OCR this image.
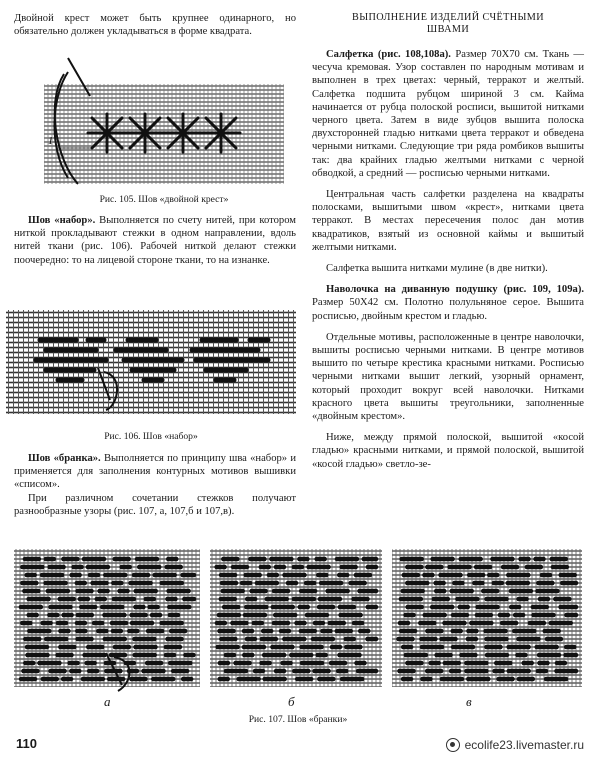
Двойной крест может быть крупнее одинарного, но обязательно должен укладываться в форме квадрата.

1
Рис. 105. Шов «двойной крест»

Шов «набор». Выполняется по счету нитей, при котором ниткой прокладывают стежки в одном направлении, вдоль нитей ткани (рис. 106). Рабочей ниткой делают стежки поочередно: то на лицевой стороне ткани, то на изнанке.

Рис. 106. Шов «набор»

Шов «бранка». Выполняется по принципу шва «набор» и применяется для заполнения контурных мотивов вышивки «списом».

При различном сочетании стежков получают разнообразные узоры (рис. 107, а, 107,б и 107,в).

ВЫПОЛНЕНИЕ ИЗДЕЛИЙ СЧЁТНЫМИ
ШВАМИ

Салфетка (рис. 108,108а). Размер 70Х70 см. Ткань — чесуча кремовая. Узор составлен по народным мотивам и выполнен в трех цветах: черный, терракот и желтый. Салфетка подшита рубцом шириной 3 см. Кайма начинается от рубца полоской росписи, вышитой нитками черного цвета. Затем в виде зубцов вышита полоска двухсторонней гладью нитками цвета терракот и обведена черными нитками. Следующие три ряда ромбиков вышиты так: два крайних гладью желтыми нитками с черной обводкой, а средний — росписью черными нитками.

Центральная часть салфетки разделена на квадраты полосками, вышитыми швом «крест», нитками цвета терракот. В местах пересечения полос дан мотив квадратиков, взятый из основной каймы и вышитый желтыми нитками.

Салфетка вышита нитками мулине (в две нитки).

Наволочка на диванную подушку (рис. 109, 109а). Размер 50Х42 см. Полотно полульняное серое. Вышита росписью, двойным крестом и гладью.

Отдельные мотивы, расположенные в центре наволочки, вышиты росписью черными нитками. В центре мотивов вышито по четыре крестика красными нитками. Росписью черными нитками вышит легкий, узорный орнамент, который проходит вокруг всей наволочки. Нитками красного цвета вышиты треугольники, заполненные «двойным крестом».

Ниже, между прямой полоской, вышитой «косой гладью» красными нитками, и прямой полоской, вышитой «косой гладью» светло-зе-

а	б	в
Рис. 107. Шов «бранки»
110	ecolife23.livemaster.ru
